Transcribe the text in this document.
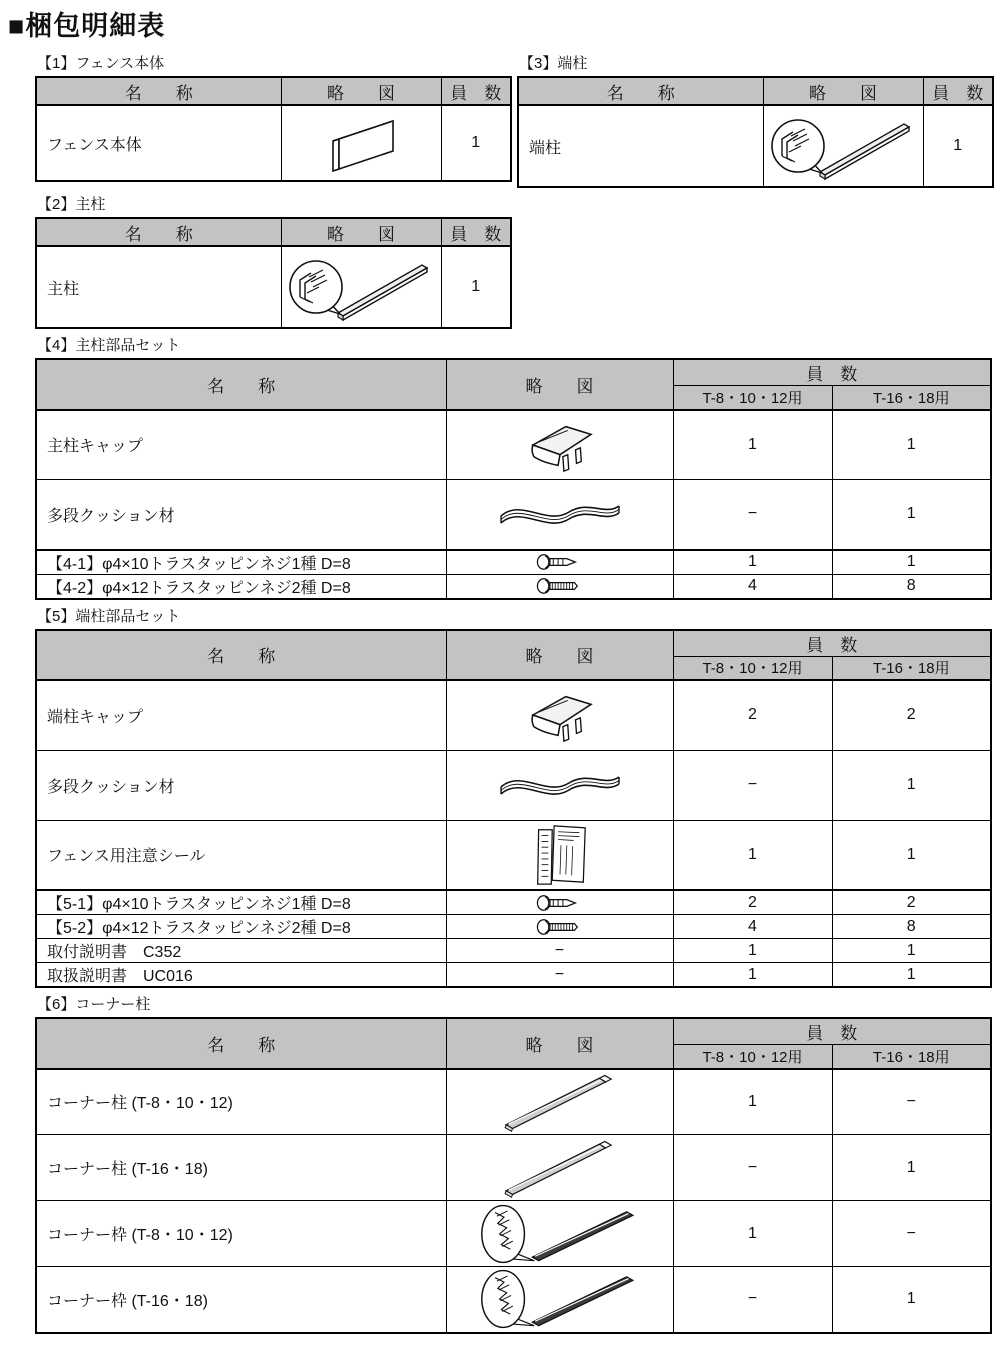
■梱包明細表
【1】フェンス本体
名　　称	略　　図	員　数
フェンス本体		1
【3】端柱
名　　称	略　　図	員　数
端柱		1
【2】主柱
名　　称	略　　図	員　数
主柱		1
【4】主柱部品セット
名　　称	略　　図	員　数	
		T-8・10・12用	T-16・18用
主柱キャップ		1	1
多段クッション材		−	1
【4-1】φ4×10トラスタッピンネジ1種 D=8		1	1
【4-2】φ4×12トラスタッピンネジ2種 D=8		4	8
【5】端柱部品セット
名　　称	略　　図	員　数	
		T-8・10・12用	T-16・18用
端柱キャップ		2	2
多段クッション材		−	1
フェンス用注意シール		1	1
【5-1】φ4×10トラスタッピンネジ1種 D=8		2	2
【5-2】φ4×12トラスタッピンネジ2種 D=8		4	8
取付説明書　C352	−	1	1
取扱説明書　UC016	−	1	1
【6】コーナー柱
名　　称	略　　図	員　数	
		T-8・10・12用	T-16・18用
コーナー柱 (T-8・10・12)		1	−
コーナー柱 (T-16・18)		−	1
コーナー枠 (T-8・10・12)		1	−
コーナー枠 (T-16・18)		−	1
